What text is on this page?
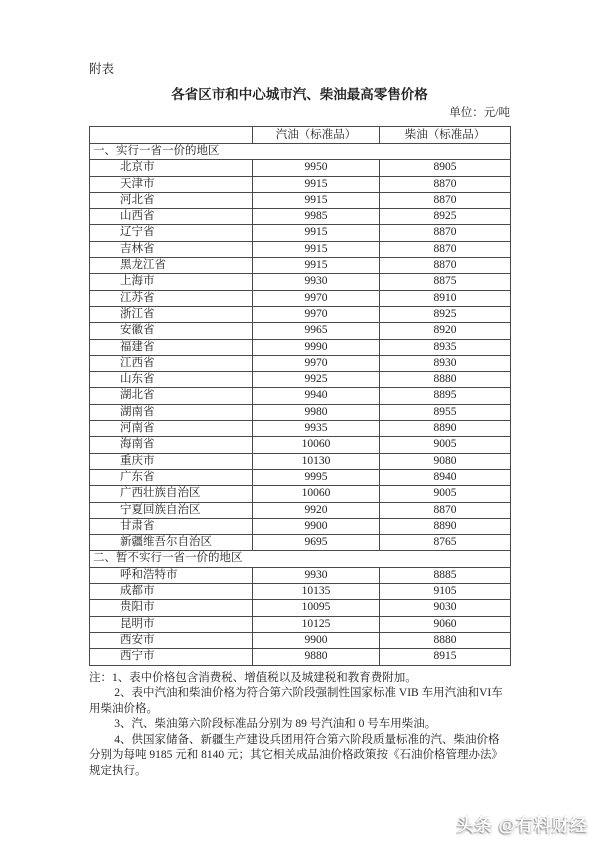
附表
各省区市和中心城市汽、柴油最高零售价格
单位：元/吨
	汽油（标准品）	柴油（标准品）
一、实行一省一价的地区		
北京市	9950	8905
天津市	9915	8870
河北省	9915	8870
山西省	9985	8925
辽宁省	9915	8870
吉林省	9915	8870
黑龙江省	9915	8870
上海市	9930	8875
江苏省	9970	8910
浙江省	9970	8925
安徽省	9965	8920
福建省	9990	8935
江西省	9970	8930
山东省	9925	8880
湖北省	9940	8895
湖南省	9980	8955
河南省	9935	8890
海南省	10060	9005
重庆市	10130	9080
广东省	9995	8940
广西壮族自治区	10060	9005
宁夏回族自治区	9920	8870
甘肃省	9900	8890
新疆维吾尔自治区	9695	8765
二、暂不实行一省一价的地区		
呼和浩特市	9930	8885
成都市	10135	9105
贵阳市	10095	9030
昆明市	10125	9060
西安市	9900	8880
西宁市	9880	8915

注：1、表中价格包含消费税、增值税以及城建税和教育费附加。

2、表中汽油和柴油价格为符合第六阶段强制性国家标准 VIB 车用汽油和VI车用柴油价格。

3、汽、柴油第六阶段标准品分别为 89 号汽油和 0 号车用柴油。

4、供国家储备、新疆生产建设兵团用符合第六阶段质量标准的汽、柴油价格分别为每吨 9185 元和 8140 元；其它相关成品油价格政策按《石油价格管理办法》规定执行。

头条 @有料财经
